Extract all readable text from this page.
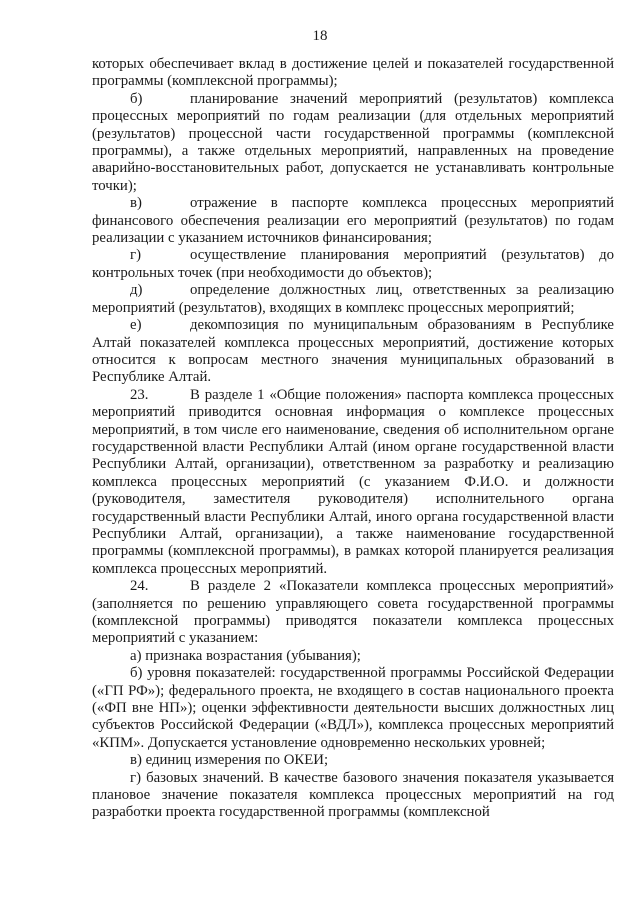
18

которых обеспечивает вклад в достижение целей и показателей государственной программы (комплексной программы);

б)	планирование значений мероприятий (результатов) комплекса процессных мероприятий по годам реализации (для отдельных мероприятий (результатов) процессной части государственной программы (комплексной программы), а также отдельных мероприятий, направленных на проведение аварийно-восстановительных работ, допускается не устанавливать контрольные точки);

в)	отражение в паспорте комплекса процессных мероприятий финансового обеспечения реализации его мероприятий (результатов) по годам реализации с указанием источников финансирования;

г)	осуществление планирования мероприятий (результатов) до контрольных точек (при необходимости до объектов);

д)	определение должностных лиц, ответственных за реализацию мероприятий (результатов), входящих в комплекс процессных мероприятий;

е)	декомпозиция по муниципальным образованиям в Республике Алтай показателей комплекса процессных мероприятий, достижение которых относится к вопросам местного значения муниципальных образований в Республике Алтай.

23.	В разделе 1 «Общие положения» паспорта комплекса процессных мероприятий приводится основная информация о комплексе процессных мероприятий, в том числе его наименование, сведения об исполнительном органе государственной власти Республики Алтай (ином органе государственной власти Республики Алтай, организации), ответственном за разработку и реализацию комплекса процессных мероприятий (с указанием Ф.И.О. и должности (руководителя, заместителя руководителя) исполнительного органа государственный власти Республики Алтай, иного органа государственной власти Республики Алтай, организации), а также наименование государственной программы (комплексной программы), в рамках которой планируется реализация комплекса процессных мероприятий.

24.	В разделе 2 «Показатели комплекса процессных мероприятий» (заполняется по решению управляющего совета государственной программы (комплексной программы) приводятся показатели комплекса процессных мероприятий с указанием:

а) признака возрастания (убывания);

б) уровня показателей: государственной программы Российской Федерации («ГП РФ»); федерального проекта, не входящего в состав национального проекта («ФП вне НП»); оценки эффективности деятельности высших должностных лиц субъектов Российской Федерации («ВДЛ»), комплекса процессных мероприятий «КПМ». Допускается установление одновременно нескольких уровней;

в) единиц измерения по ОКЕИ;

г) базовых значений. В качестве базового значения показателя указывается плановое значение показателя комплекса процессных мероприятий на год разработки проекта государственной программы (комплексной
